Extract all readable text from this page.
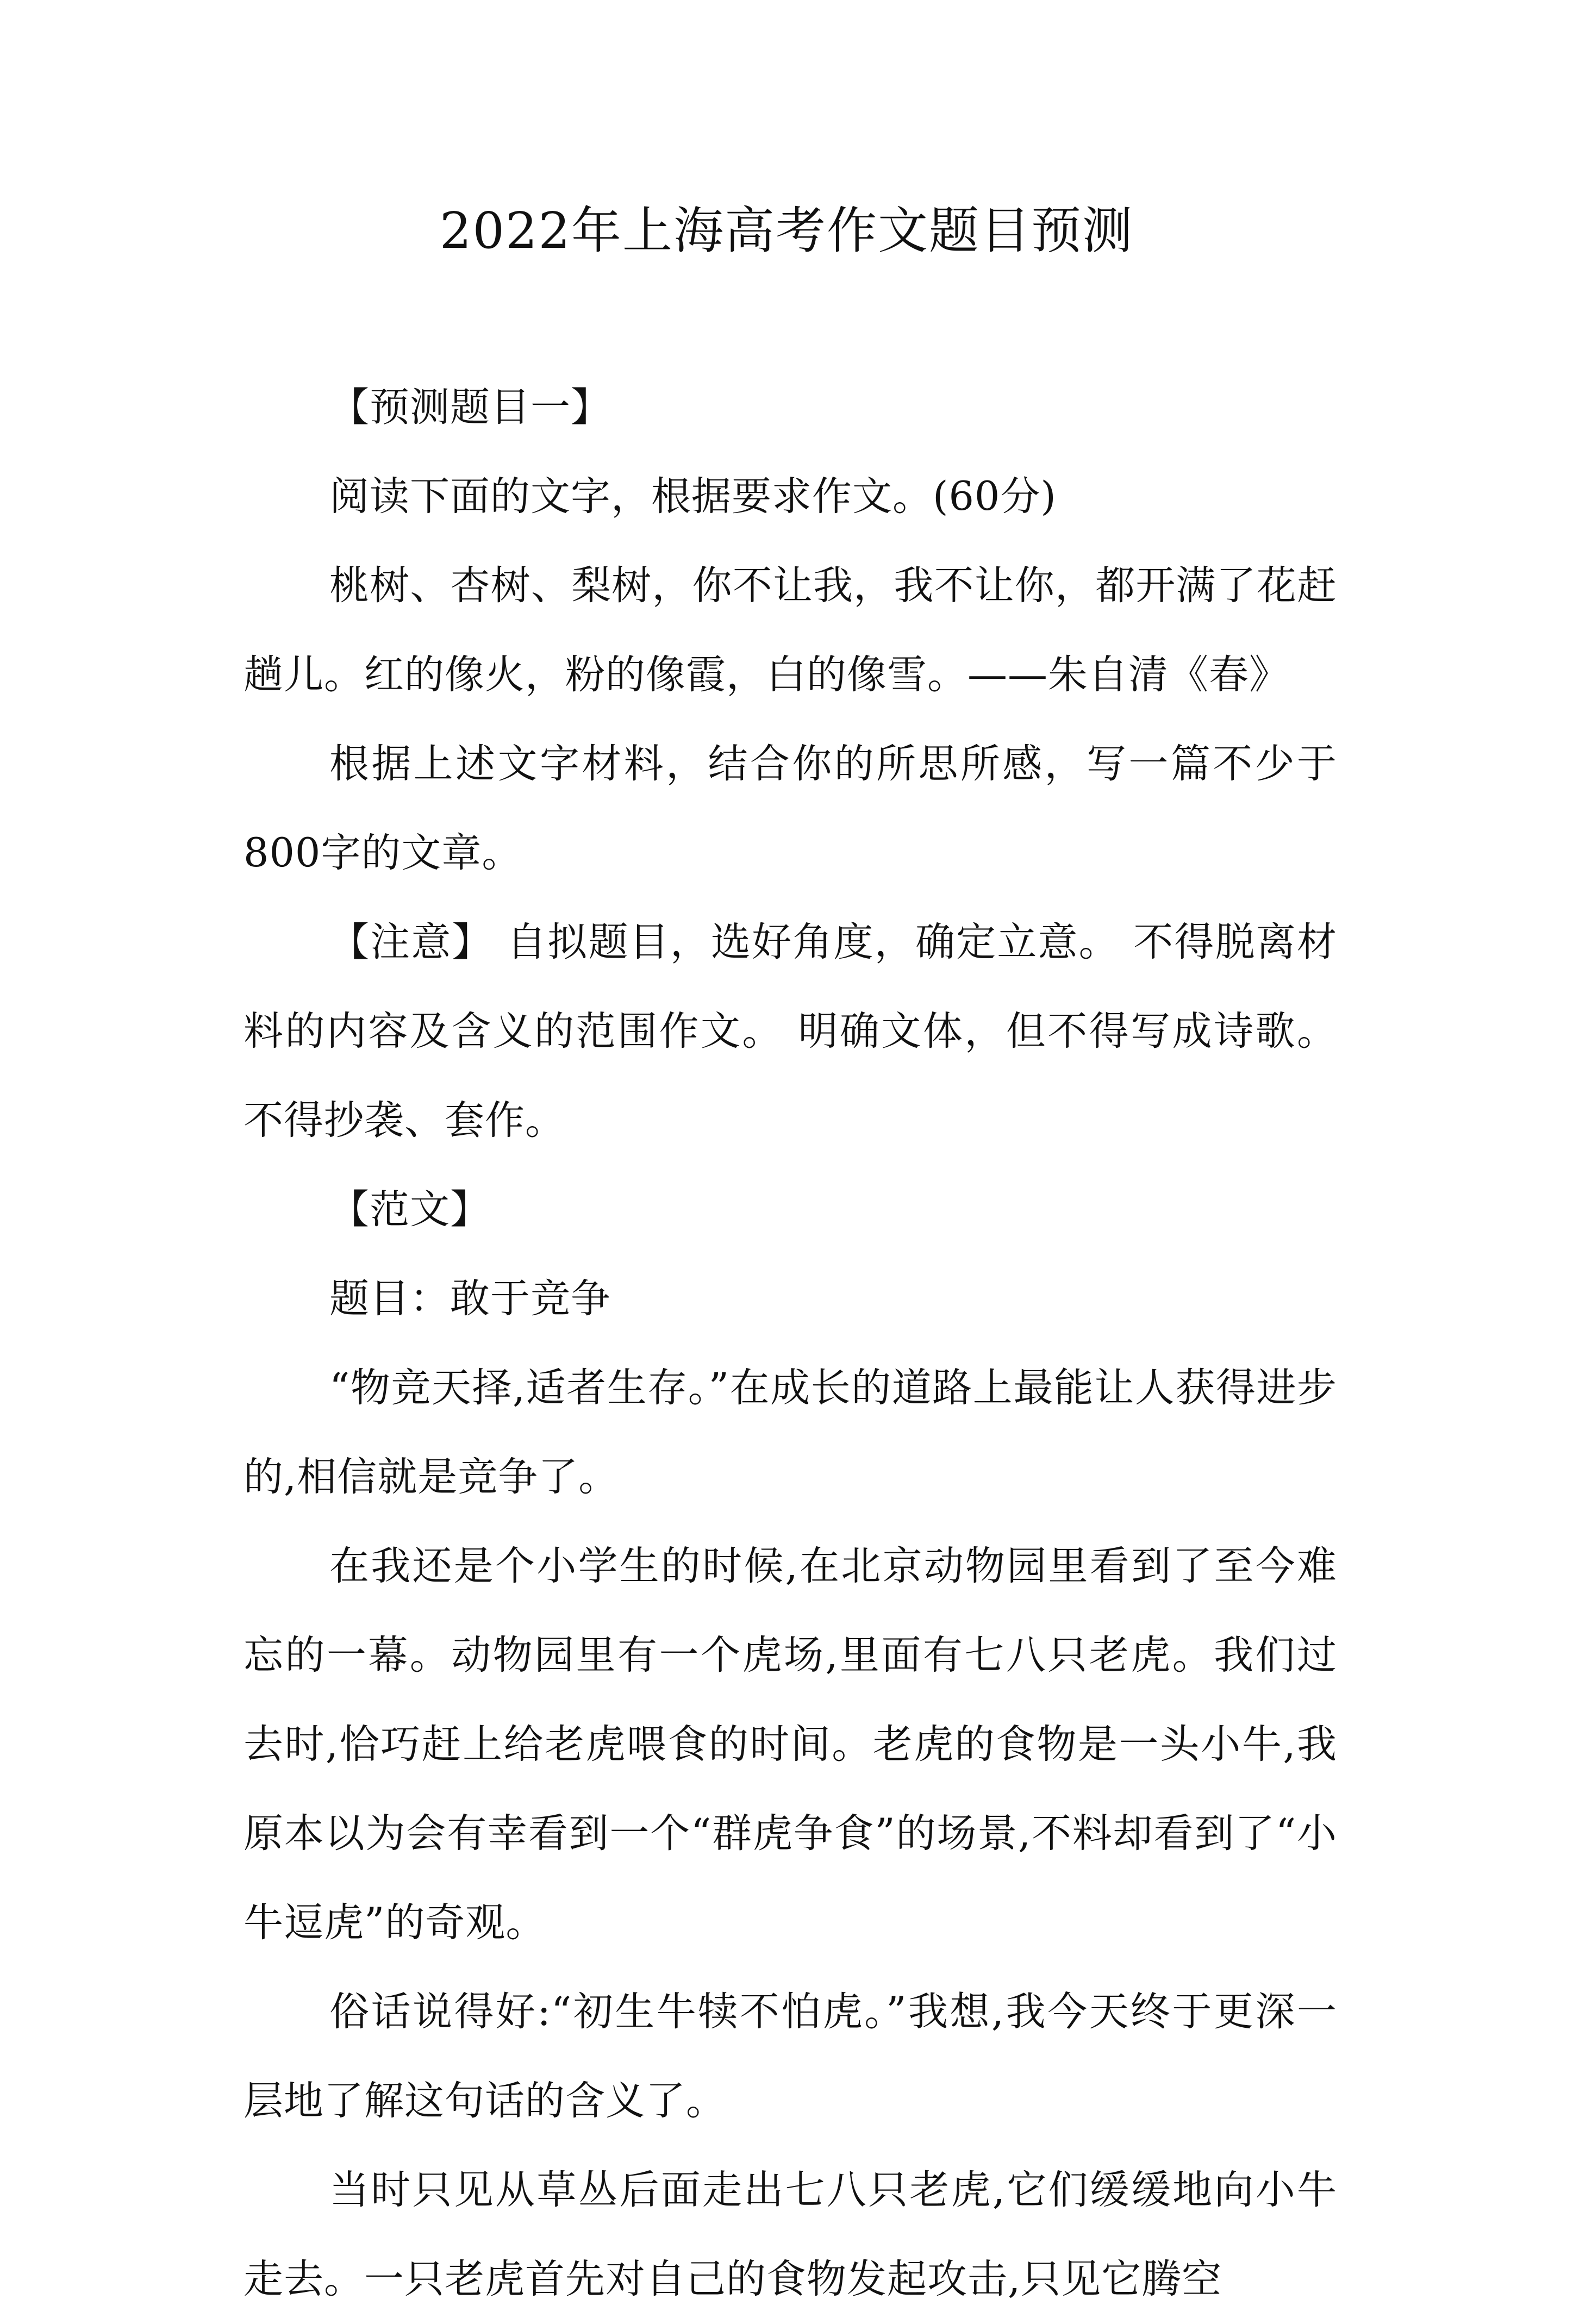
2022年上海高考作文题目预测

【预测题目一】

阅读下面的文字，根据要求作文。(60分)

桃树、杏树、梨树，你不让我，我不让你，都开满了花赶趟儿。红的像火，粉的像霞，白的像雪。——朱自清《春》

根据上述文字材料，结合你的所思所感，写一篇不少于800字的文章。

【注意】 自拟题目，选好角度，确定立意。 不得脱离材料的内容及含义的范围作文。 明确文体，但不得写成诗歌。 不得抄袭、套作。

【范文】

题目：敢于竞争

“物竞天择,适者生存。”在成长的道路上最能让人获得进步的,相信就是竞争了。

在我还是个小学生的时候,在北京动物园里看到了至今难忘的一幕。动物园里有一个虎场,里面有七八只老虎。我们过去时,恰巧赶上给老虎喂食的时间。老虎的食物是一头小牛,我原本以为会有幸看到一个“群虎争食”的场景,不料却看到了“小牛逗虎”的奇观。

俗话说得好:“初生牛犊不怕虎。”我想,我今天终于更深一层地了解这句话的含义了。

当时只见从草丛后面走出七八只老虎,它们缓缓地向小牛走去。一只老虎首先对自己的食物发起攻击,只见它腾空
